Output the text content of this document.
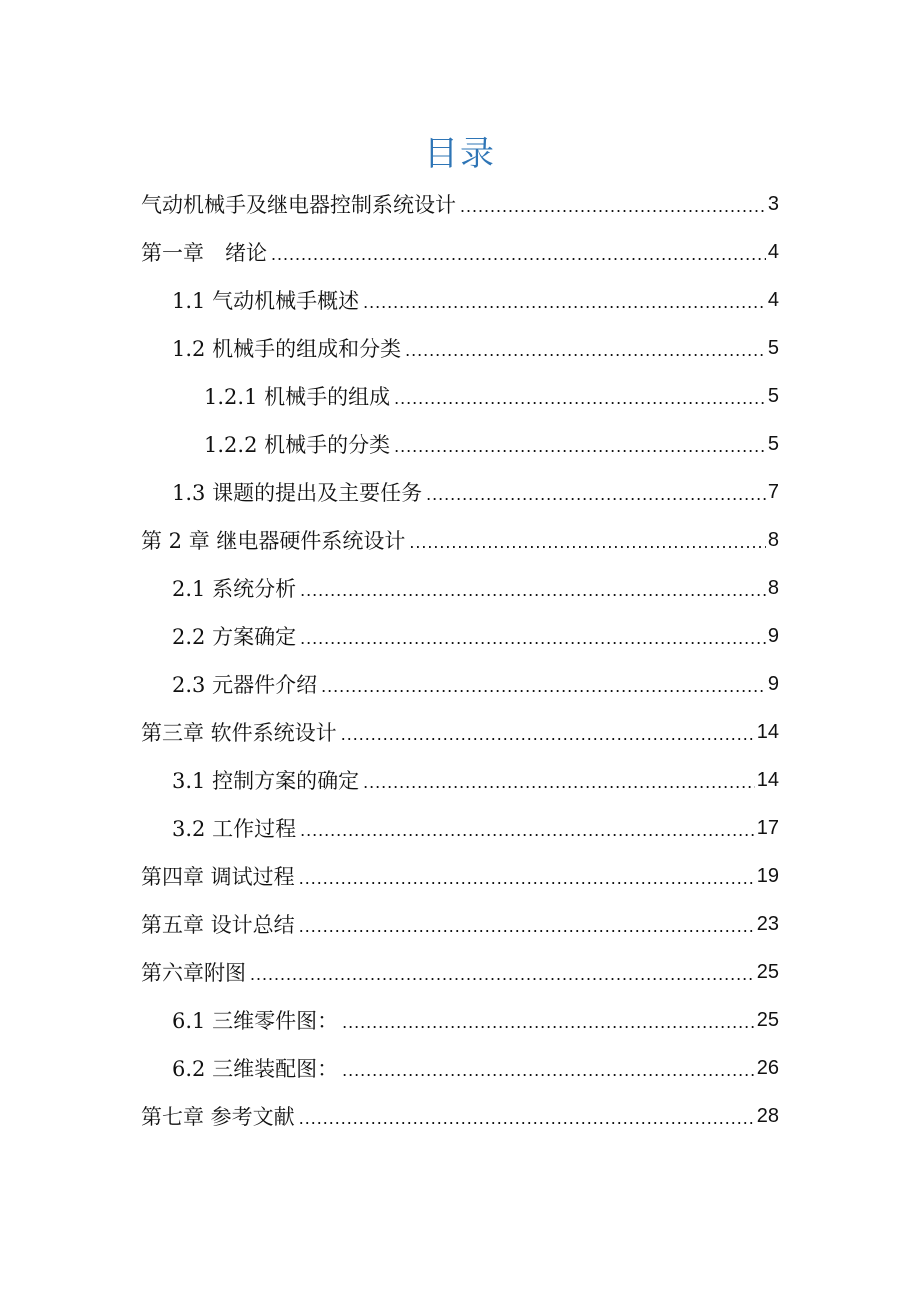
目录
气动机械手及继电器控制系统设计 .....	3
第一章　绪论 .....	4
1.1 气动机械手概述 .....	4
1.2 机械手的组成和分类 .....	5
1.2.1 机械手的组成 .....	5
1.2.2 机械手的分类 .....	5
1.3 课题的提出及主要任务 .....	7
第 2 章 继电器硬件系统设计 .....	8
2.1 系统分析 .....	8
2.2 方案确定 .....	9
2.3 元器件介绍 .....	9
第三章 软件系统设计 .....	14
3.1 控制方案的确定 .....	14
3.2 工作过程 .....	17
第四章 调试过程 .....	19
第五章 设计总结 .....	23
第六章附图 .....	25
6.1 三维零件图： .....	25
6.2 三维装配图： .....	26
第七章 参考文献 .....	28
